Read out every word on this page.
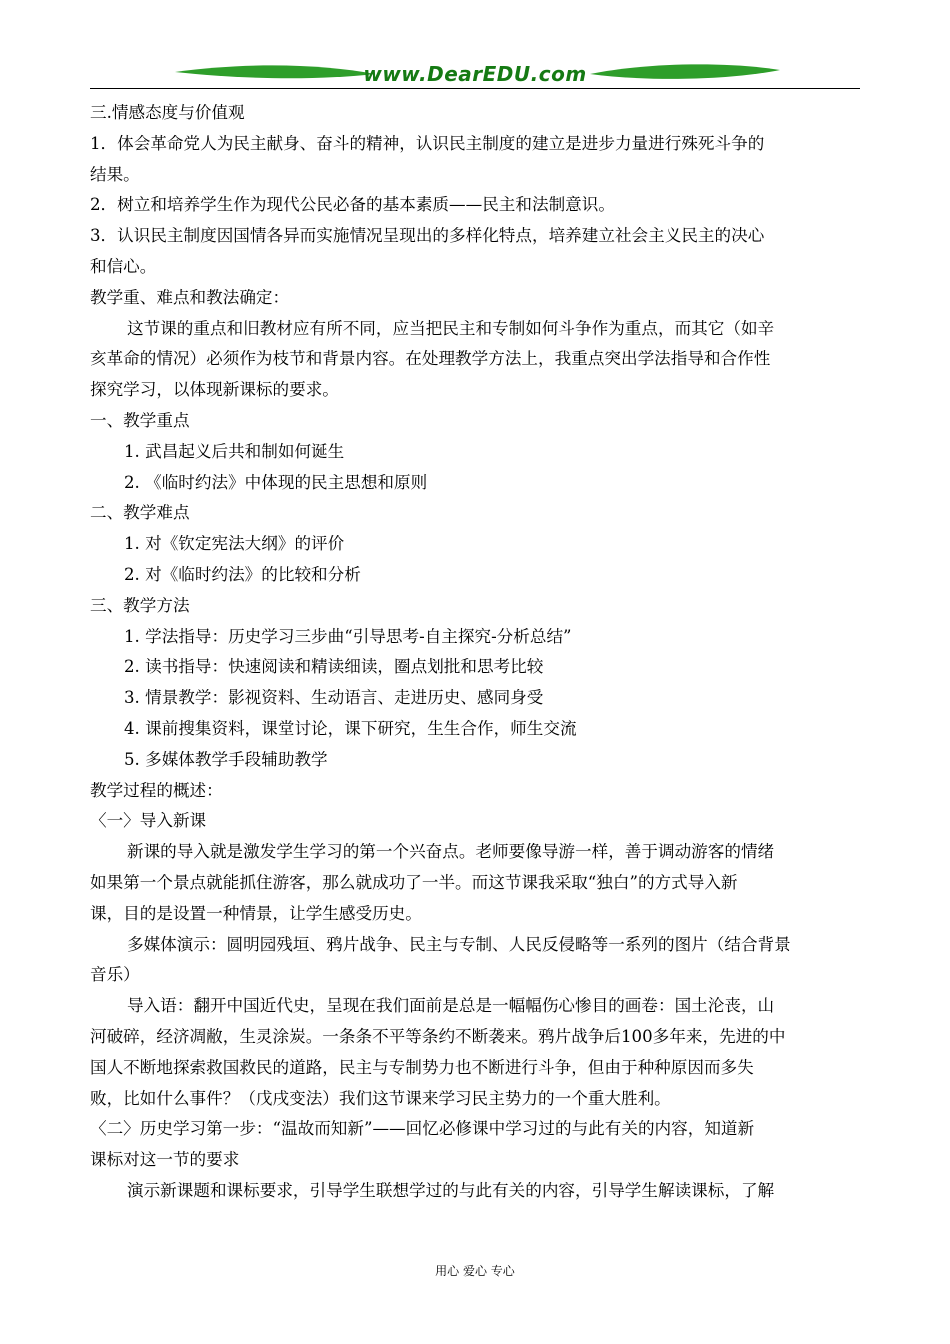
www.DearEDU.com

三.情感态度与价值观

1．体会革命党人为民主献身、奋斗的精神，认识民主制度的建立是进步力量进行殊死斗争的

结果。

2．树立和培养学生作为现代公民必备的基本素质——民主和法制意识。

3．认识民主制度因国情各异而实施情况呈现出的多样化特点，培养建立社会主义民主的决心

和信心。

教学重、难点和教法确定：

这节课的重点和旧教材应有所不同，应当把民主和专制如何斗争作为重点，而其它（如辛

亥革命的情况）必须作为枝节和背景内容。在处理教学方法上，我重点突出学法指导和合作性

探究学习，以体现新课标的要求。

一、教学重点

1. 武昌起义后共和制如何诞生

2. 《临时约法》中体现的民主思想和原则

二、教学难点

1. 对《钦定宪法大纲》的评价

2. 对《临时约法》的比较和分析

三、教学方法

1. 学法指导：历史学习三步曲“引导思考-自主探究-分析总结”

2. 读书指导：快速阅读和精读细读，圈点划批和思考比较

3. 情景教学：影视资料、生动语言、走进历史、感同身受

4. 课前搜集资料，课堂讨论，课下研究，生生合作，师生交流

5. 多媒体教学手段辅助教学

教学过程的概述：

〈一〉导入新课

新课的导入就是激发学生学习的第一个兴奋点。老师要像导游一样，善于调动游客的情绪

如果第一个景点就能抓住游客，那么就成功了一半。而这节课我采取“独白”的方式导入新

课，目的是设置一种情景，让学生感受历史。

多媒体演示：圆明园残垣、鸦片战争、民主与专制、人民反侵略等一系列的图片（结合背景

音乐）

导入语：翻开中国近代史，呈现在我们面前是总是一幅幅伤心惨目的画卷：国土沦丧，山

河破碎，经济凋敝，生灵涂炭。一条条不平等条约不断袭来。鸦片战争后100多年来，先进的中

国人不断地探索救国救民的道路，民主与专制势力也不断进行斗争，但由于种种原因而多失

败，比如什么事件？（戊戌变法）我们这节课来学习民主势力的一个重大胜利。

〈二〉历史学习第一步：“温故而知新”——回忆必修课中学习过的与此有关的内容，知道新

课标对这一节的要求

演示新课题和课标要求，引导学生联想学过的与此有关的内容，引导学生解读课标，了解

用心 爱心 专心
